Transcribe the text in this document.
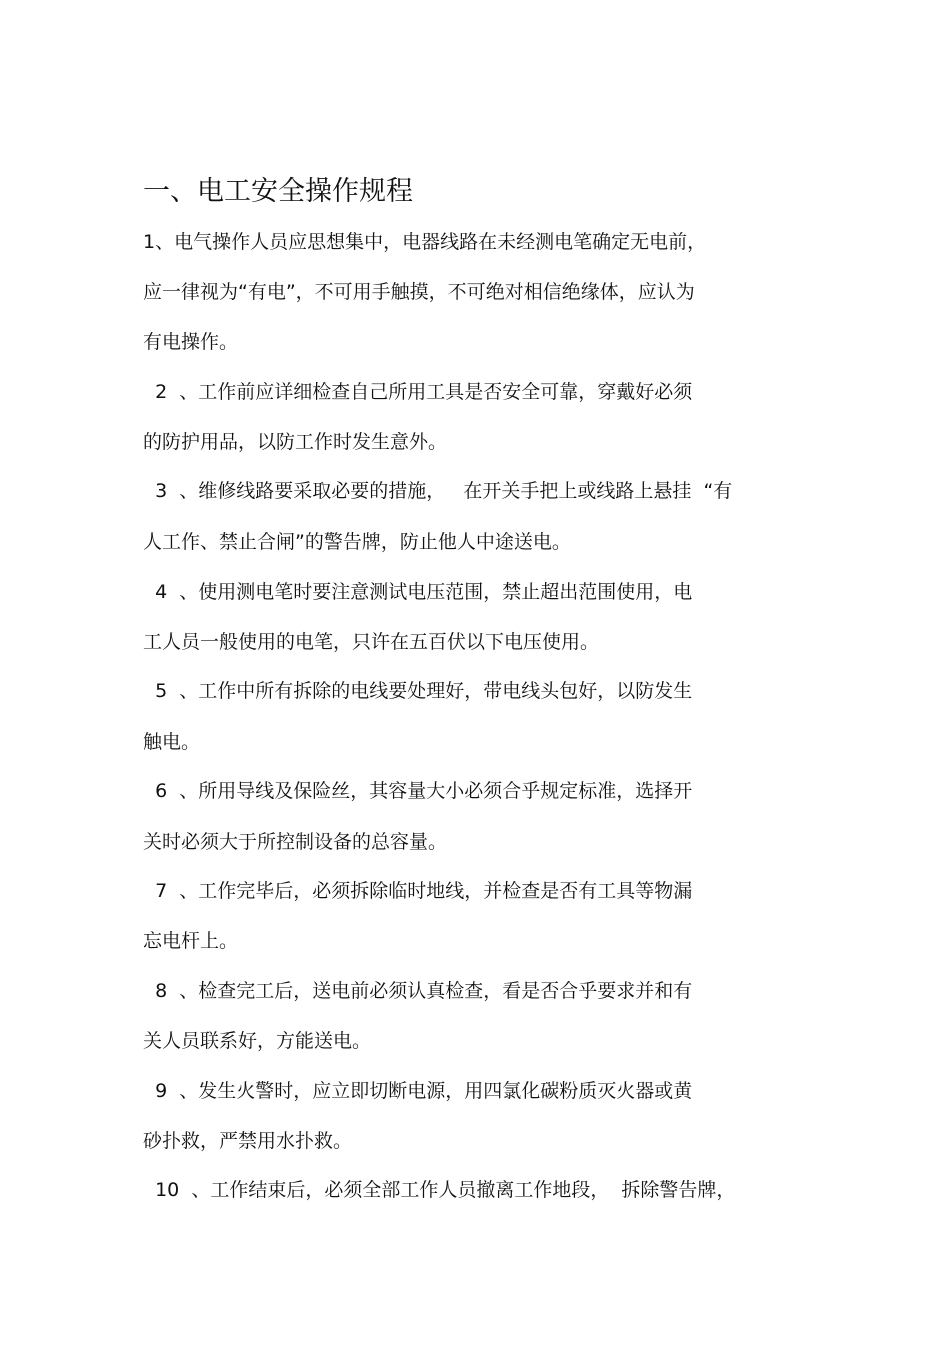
一、电工安全操作规程

1、电气操作人员应思想集中，电器线路在未经测电笔确定无电前，

应一律视为“有电”，不可用手触摸，不可绝对相信绝缘体，应认为

有电操作。

2  、工作前应详细检查自己所用工具是否安全可靠，穿戴好必须

的防护用品，以防工作时发生意外。

3  、维修线路要采取必要的措施，   在开关手把上或线路上悬挂  “有

人工作、禁止合闸”的警告牌，防止他人中途送电。

4  、使用测电笔时要注意测试电压范围，禁止超出范围使用，电

工人员一般使用的电笔，只许在五百伏以下电压使用。

5  、工作中所有拆除的电线要处理好，带电线头包好，以防发生

触电。

6  、所用导线及保险丝，其容量大小必须合乎规定标准，选择开

关时必须大于所控制设备的总容量。

7  、工作完毕后，必须拆除临时地线，并检查是否有工具等物漏

忘电杆上。

8  、检查完工后，送电前必须认真检查，看是否合乎要求并和有

关人员联系好，方能送电。

9  、发生火警时，应立即切断电源，用四氯化碳粉质灭火器或黄

砂扑救，严禁用水扑救。

10  、工作结束后，必须全部工作人员撤离工作地段，  拆除警告牌，
